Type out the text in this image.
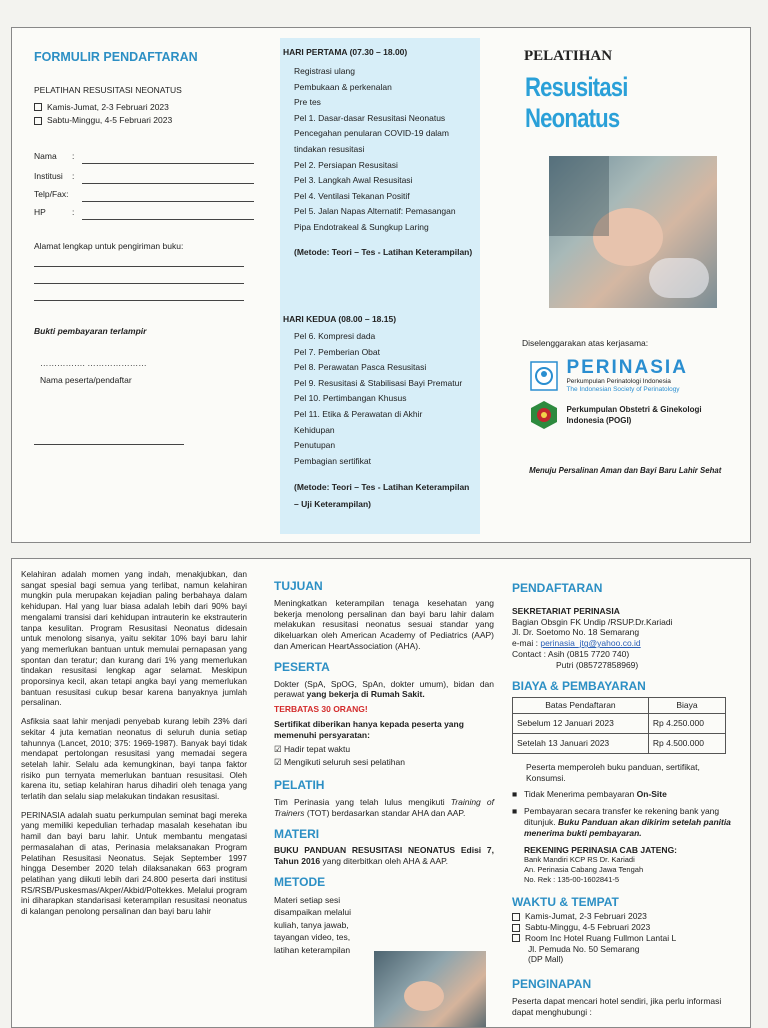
FORMULIR PENDAFTARAN
PELATIHAN RESUSITASI NEONATUS
Kamis-Jumat, 2-3 Februari 2023
Sabtu-Minggu, 4-5 Februari 2023
Nama	:
Institusi	:
Telp/Fax:
HP	:
Alamat lengkap untuk pengiriman buku:
Bukti pembayaran terlampir
……………. …………………
Nama peserta/pendaftar
HARI PERTAMA (07.30 – 18.00)
Registrasi ulang
Pembukaan & perkenalan
Pre tes
Pel 1. Dasar-dasar Resusitasi Neonatus
Pencegahan penularan COVID-19 dalam
tindakan resusitasi
Pel 2. Persiapan Resusitasi
Pel 3. Langkah Awal Resusitasi
Pel 4. Ventilasi Tekanan Positif
Pel 5. Jalan Napas Alternatif: Pemasangan
Pipa Endotrakeal & Sungkup Laring
(Metode: Teori – Tes - Latihan Keterampilan)
HARI KEDUA (08.00 – 18.15)
Pel 6. Kompresi dada
Pel 7. Pemberian Obat
Pel 8. Perawatan Pasca Resusitasi
Pel 9. Resusitasi & Stabilisasi Bayi Prematur
Pel 10. Pertimbangan Khusus
Pel 11. Etika & Perawatan di Akhir
Kehidupan
Penutupan
Pembagian sertifikat
(Metode: Teori – Tes - Latihan Keterampilan – Uji Keterampilan)
PELATIHAN
Resusitasi Neonatus
Diselenggarakan atas kerjasama:

PERINASIA
Perkumpulan Perinatologi Indonesia
The Indonesian Society of Perinatology
Perkumpulan Obstetri & Ginekologi Indonesia (POGI)
Menuju Persalinan Aman dan Bayi Baru Lahir Sehat

Kelahiran adalah momen yang indah, menakjubkan, dan sangat spesial bagi semua yang terlibat, namun kelahiran mungkin pula merupakan kejadian paling berbahaya dalam kehidupan. Hal yang luar biasa adalah lebih dari 90% bayi mengalami transisi dari kehidupan intrauterin ke ekstrauterin tanpa kesulitan. Program Resusitasi Neonatus didesain untuk menolong sisanya, yaitu sekitar 10% bayi baru lahir yang memerlukan bantuan untuk memulai pernapasan yang spontan dan teratur; dan kurang dari 1% yang memerlukan tindakan resusitasi lengkap agar selamat. Meskipun proporsinya kecil, akan tetapi angka bayi yang memerlukan bantuan resusitasi cukup besar karena banyaknya jumlah persalinan.

Asfiksia saat lahir menjadi penyebab kurang lebih 23% dari sekitar 4 juta kematian neonatus di seluruh dunia setiap tahunnya (Lancet, 2010; 375: 1969-1987). Banyak bayi tidak mendapat pertolongan resusitasi yang memadai segera setelah lahir. Selalu ada kemungkinan, bayi tanpa faktor risiko pun ternyata memerlukan bantuan resusitasi. Oleh karena itu, setiap kelahiran harus dihadiri oleh tenaga yang terlatih dan selalu siap melakukan tindakan resusitasi.

PERINASIA adalah suatu perkumpulan seminat bagi mereka yang memiliki kepedulian terhadap masalah kesehatan ibu hamil dan bayi baru lahir. Untuk membantu mengatasi permasalahan di atas, Perinasia melaksanakan Program Pelatihan Resusitasi Neonatus. Sejak September 1997 hingga Desember 2020 telah dilaksanakan 663 program pelatihan yang diikuti lebih dari 24.800 peserta dari institusi RS/RSB/Puskesmas/Akper/Akbid/Poltekkes. Melalui program ini diharapkan standarisasi keterampilan resusitasi neonatus di kalangan penolong persalinan dan bayi baru lahir

TUJUAN
Meningkatkan keterampilan tenaga kesehatan yang bekerja menolong persalinan dan bayi baru lahir dalam melakukan resusitasi neonatus sesuai standar yang dikeluarkan oleh American Academy of Pediatrics (AAP) dan American HeartAssociation (AHA).
PESERTA
Dokter (SpA, SpOG, SpAn, dokter umum), bidan dan perawat yang bekerja di Rumah Sakit.
TERBATAS 30 ORANG!
Sertifikat diberikan hanya kepada peserta yang memenuhi persyaratan:
☑ Hadir tepat waktu
☑ Mengikuti seluruh sesi pelatihan
PELATIH
Tim Perinasia yang telah lulus mengikuti Training of Trainers (TOT) berdasarkan standar AHA dan AAP.
MATERI
BUKU PANDUAN RESUSITASI NEONATUS Edisi 7, Tahun 2016 yang diterbitkan oleh AHA & AAP.
METODE
Materi setiap sesi
disampaikan melalui
kuliah, tanya jawab,
tayangan video, tes,
latihan keterampilan
PENDAFTARAN
SEKRETARIAT PERINASIA
Bagian Obsgin FK Undip /RSUP.Dr.Kariadi
Jl. Dr. Soetomo No. 18 Semarang
e-mai : perinasia_jtg@yahoo.co.id
Contact : Asih (0815 7720 740)
Putri (085727858969)
BIAYA & PEMBAYARAN
Batas Pendaftaran	Biaya
Sebelum 12 Januari 2023	Rp 4.250.000
Setelah 13 Januari 2023	Rp 4.500.000
Peserta memperoleh buku panduan, sertifikat, Konsumsi.
■ Tidak Menerima pembayaran On-Site
■ Pembayaran secara transfer ke rekening bank yang ditunjuk. Buku Panduan akan dikirim setelah panitia menerima bukti pembayaran.
REKENING PERINASIA CAB JATENG:
Bank Mandiri KCP RS Dr. Kariadi
An. Perinasia Cabang Jawa Tengah
No. Rek : 135-00-1602841-5
WAKTU & TEMPAT
Kamis-Jumat, 2-3 Februari 2023
Sabtu-Minggu, 4-5 Februari 2023
Room Inc Hotel Ruang Fullmon Lantai L
Jl. Pemuda No. 50 Semarang
(DP Mall)
PENGINAPAN
Peserta dapat mencari hotel sendiri, jika perlu informasi dapat menghubungi :
